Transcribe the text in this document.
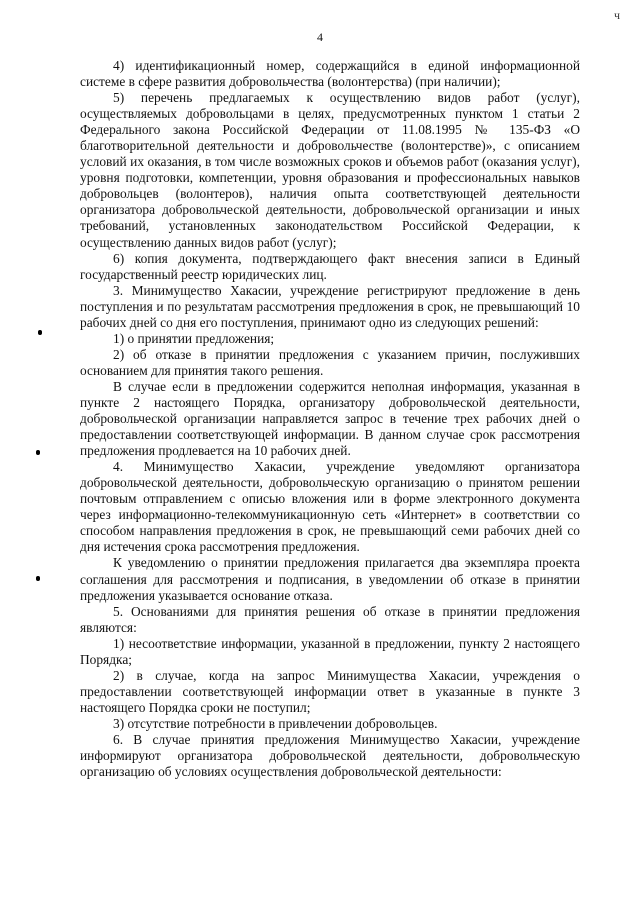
ч
4

4) идентификационный номер, содержащийся в единой информационной системе в сфере развития добровольчества (волонтерства) (при наличии);

5) перечень предлагаемых к осуществлению видов работ (услуг), осуществляемых добровольцами в целях, предусмотренных пунктом 1 статьи 2 Федерального закона Российской Федерации от 11.08.1995 № 135-ФЗ «О благотворительной деятельности и добровольчестве (волонтерстве)», с описанием условий их оказания, в том числе возможных сроков и объемов работ (оказания услуг), уровня подготовки, компетенции, уровня образования и профессиональных навыков добровольцев (волонтеров), наличия опыта соответствующей деятельности организатора добровольческой деятельности, добровольческой организации и иных требований, установленных законодательством Российской Федерации, к осуществлению данных видов работ (услуг);

6) копия документа, подтверждающего факт внесения записи в Единый государственный реестр юридических лиц.

3. Минимущество Хакасии, учреждение регистрируют предложение в день поступления и по результатам рассмотрения предложения в срок, не превышающий 10 рабочих дней со дня его поступления, принимают одно из следующих решений:

1) о принятии предложения;

2) об отказе в принятии предложения с указанием причин, послуживших основанием для принятия такого решения.

В случае если в предложении содержится неполная информация, указанная в пункте 2 настоящего Порядка, организатору добровольческой деятельности, добровольческой организации направляется запрос в течение трех рабочих дней о предоставлении соответствующей информации. В данном случае срок рассмотрения предложения продлевается на 10 рабочих дней.

4. Минимущество Хакасии, учреждение уведомляют организатора добровольческой деятельности, добровольческую организацию о принятом решении почтовым отправлением с описью вложения или в форме электронного документа через информационно-телекоммуникационную сеть «Интернет» в соответствии со способом направления предложения в срок, не превышающий семи рабочих дней со дня истечения срока рассмотрения предложения.

К уведомлению о принятии предложения прилагается два экземпляра проекта соглашения для рассмотрения и подписания, в уведомлении об отказе в принятии предложения указывается основание отказа.

5. Основаниями для принятия решения об отказе в принятии предложения являются:

1) несоответствие информации, указанной в предложении, пункту 2 настоящего Порядка;

2) в случае, когда на запрос Минимущества Хакасии, учреждения о предоставлении соответствующей информации ответ в указанные в пункте 3 настоящего Порядка сроки не поступил;

3) отсутствие потребности в привлечении добровольцев.

6. В случае принятия предложения Минимущество Хакасии, учреждение информируют организатора добровольческой деятельности, добровольческую организацию об условиях осуществления добровольческой деятельности:
